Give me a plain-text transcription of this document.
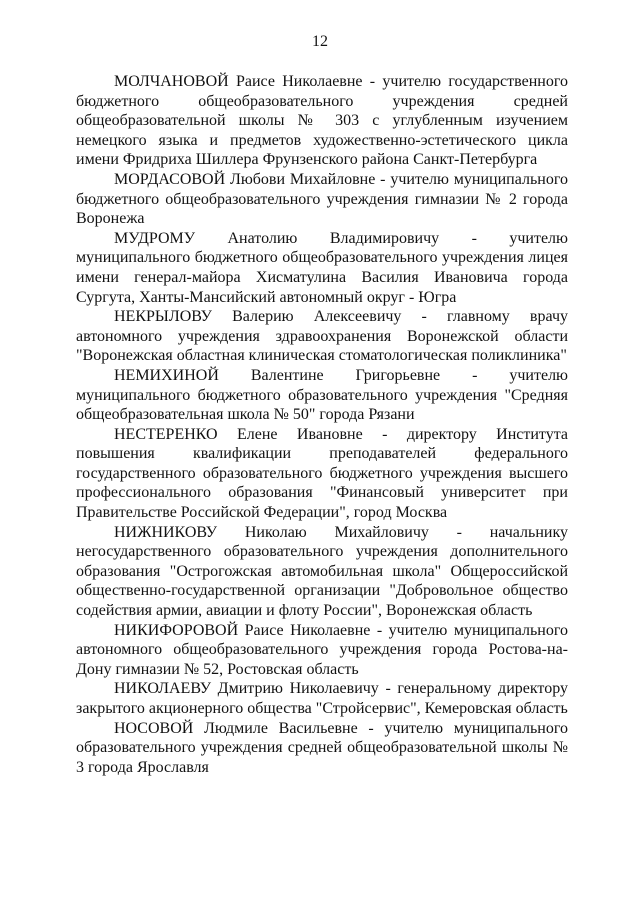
12

МОЛЧАНОВОЙ Раисе Николаевне - учителю государственного бюджетного общеобразовательного учреждения средней общеобразовательной школы № 303 с углубленным изучением немецкого языка и предметов художественно-эстетического цикла имени Фридриха Шиллера Фрунзенского района Санкт-Петербурга

МОРДАСОВОЙ Любови Михайловне - учителю муниципального бюджетного общеобразовательного учреждения гимназии № 2 города Воронежа

МУДРОМУ Анатолию Владимировичу - учителю муниципального бюджетного общеобразовательного учреждения лицея имени генерал-майора Хисматулина Василия Ивановича города Сургута, Ханты-Мансийский автономный округ - Югра

НЕКРЫЛОВУ Валерию Алексеевичу - главному врачу автономного учреждения здравоохранения Воронежской области "Воронежская областная клиническая стоматологическая поликлиника"

НЕМИХИНОЙ Валентине Григорьевне - учителю муниципального бюджетного образовательного учреждения "Средняя общеобразовательная школа № 50" города Рязани

НЕСТЕРЕНКО Елене Ивановне - директору Института повышения квалификации преподавателей федерального государственного образовательного бюджетного учреждения высшего профессионального образования "Финансовый университет при Правительстве Российской Федерации", город Москва

НИЖНИКОВУ Николаю Михайловичу - начальнику негосударственного образовательного учреждения дополнительного образования "Острогожская автомобильная школа" Общероссийской общественно-государственной организации "Добровольное общество содействия армии, авиации и флоту России", Воронежская область

НИКИФОРОВОЙ Раисе Николаевне - учителю муниципального автономного общеобразовательного учреждения города Ростова-на-Дону гимназии № 52, Ростовская область

НИКОЛАЕВУ Дмитрию Николаевичу - генеральному директору закрытого акционерного общества "Стройсервис", Кемеровская область

НОСОВОЙ Людмиле Васильевне - учителю муниципального образовательного учреждения средней общеобразовательной школы № 3 города Ярославля
